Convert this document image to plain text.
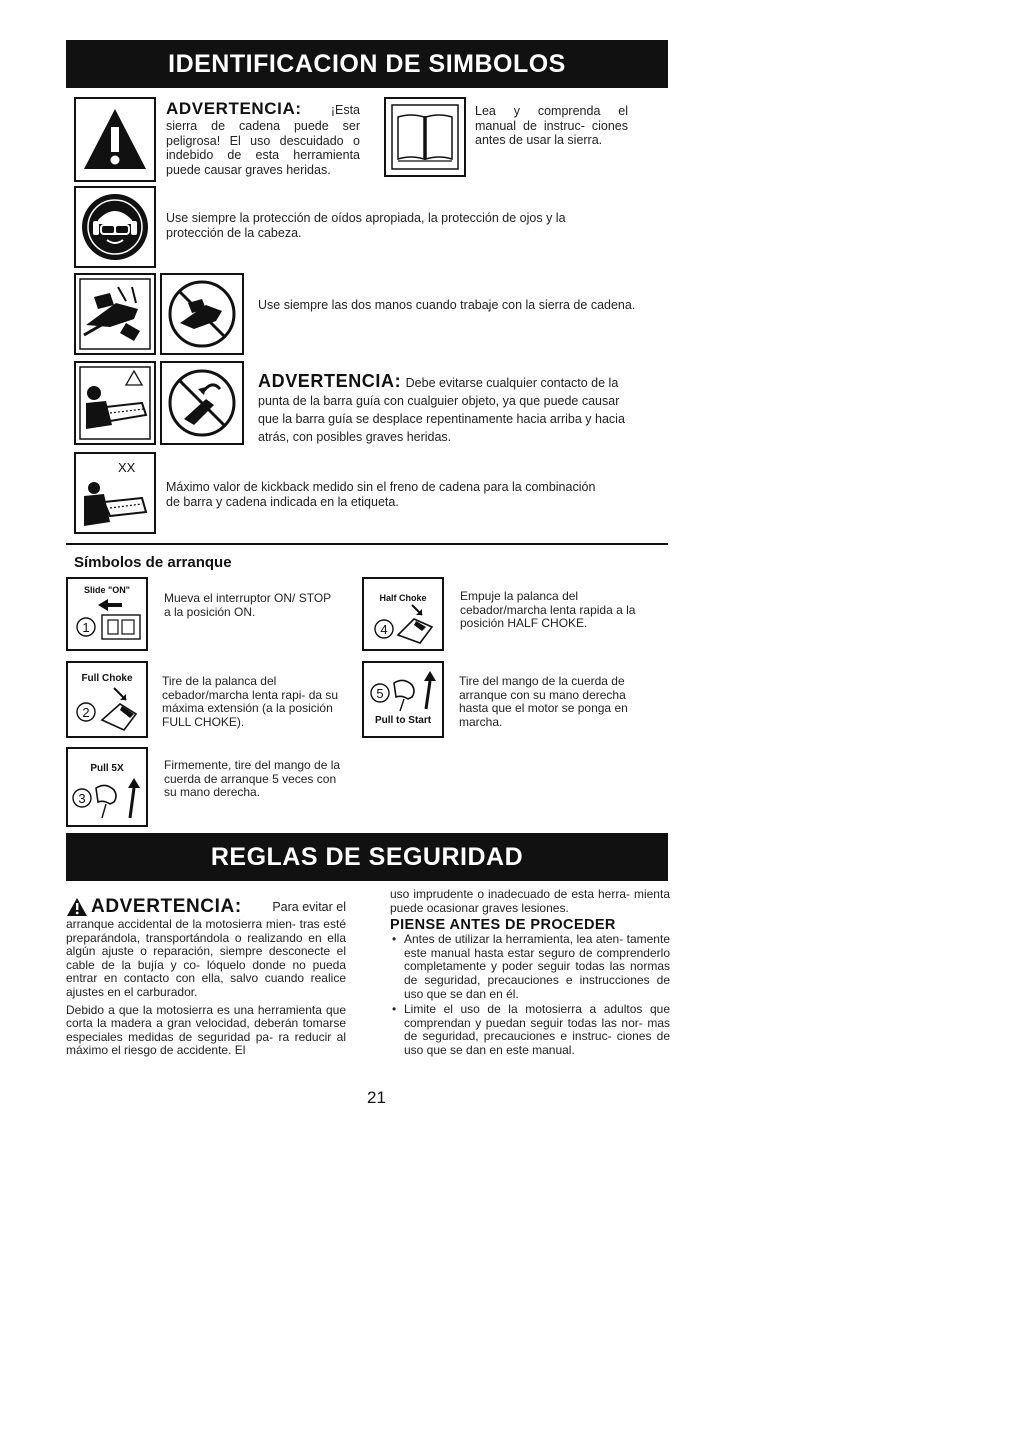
IDENTIFICACION DE SIMBOLOS
ADVERTENCIA: ¡Esta
sierra de cadena puede ser peligrosa! El uso descuidado o indebido de esta herramienta puede causar graves heridas.
Lea y comprenda el manual de instruc- ciones antes de usar la sierra.
Use siempre la protección de oídos apropiada, la protección de ojos y la protección de la cabeza.
Use siempre las dos manos cuando trabaje con la sierra de cadena.
ADVERTENCIA: Debe evitarse cualquier contacto de la punta de la barra guía con cualguier objeto, ya que puede causar que la barra guía se desplace repentinamente hacia arriba y hacia atrás, con posibles graves heridas.
XX
Máximo valor de kickback medido sin el freno de cadena para la combinación de barra y cadena indicada en la etiqueta.
Símbolos de arranque
Slide "ON"
1
Mueva el interruptor ON/ STOP a la posición ON.
Full Choke
2
Tire de la palanca del cebador/marcha lenta rapi- da su máxima extensión (a la posición FULL CHOKE).
Pull 5X
3
Firmemente, tire del mango de la cuerda de arranque 5 veces con su mano derecha.
Half Choke
4
Empuje la palanca del cebador/marcha lenta rapida a la posición HALF CHOKE.
5
Pull to Start
Tire del mango de la cuerda de arranque con su mano derecha hasta que el motor se ponga en marcha.
REGLAS DE SEGURIDAD
ADVERTENCIA: Para evitar el
arranque accidental de la motosierra mien- tras esté preparándola, transportándola o realizando en ella algún ajuste o reparación, siempre desconecte el cable de la bujía y co- lóquelo donde no pueda entrar en contacto con ella, salvo cuando realice ajustes en el carburador.
Debido a que la motosierra es una herramienta que corta la madera a gran velocidad, deberán tomarse especiales medidas de seguridad pa- ra reducir al máximo el riesgo de accidente. El
uso imprudente o inadecuado de esta herra- mienta puede ocasionar graves lesiones.
PIENSE ANTES DE PROCEDER
• Antes de utilizar la herramienta, lea aten- tamente este manual hasta estar seguro de comprenderlo completamente y poder seguir todas las normas de seguridad, precauciones e instrucciones de uso que se dan en él.
• Limite el uso de la motosierra a adultos que comprendan y puedan seguir todas las nor- mas de seguridad, precauciones e instruc- ciones de uso que se dan en este manual.
21
